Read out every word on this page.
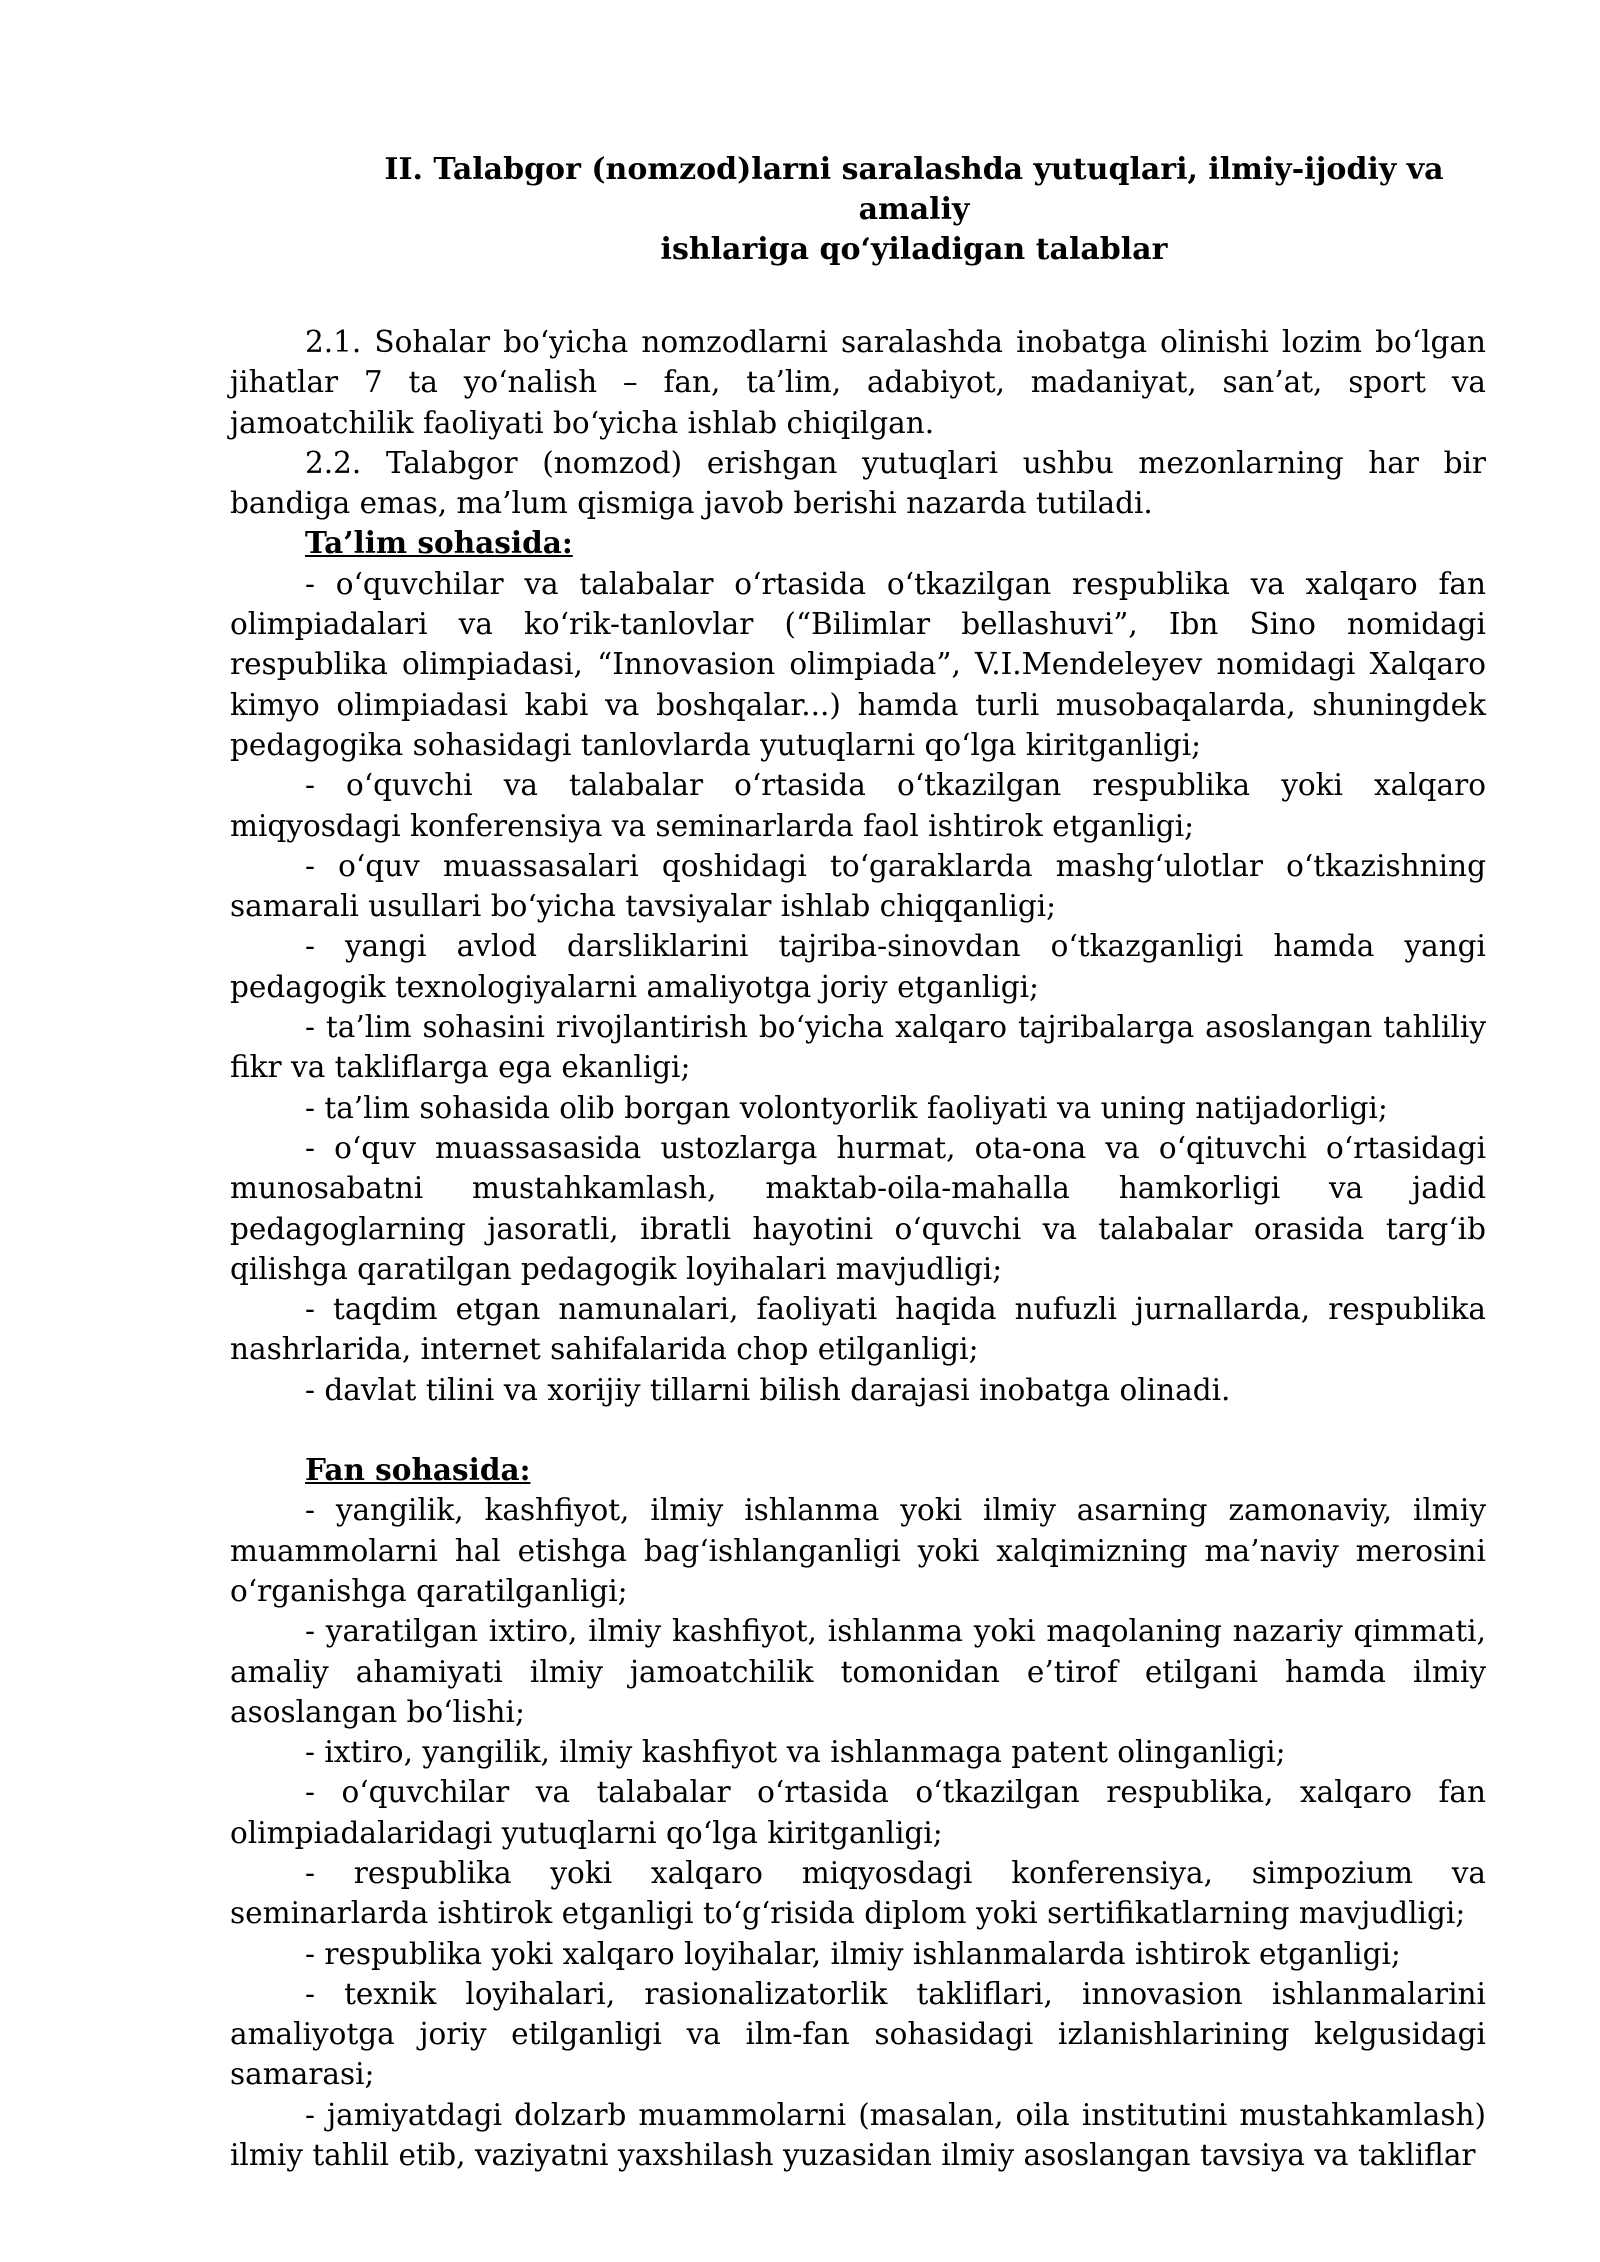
II. Talabgor (nomzod)larni saralashda yutuqlari, ilmiy-ijodiy va amaliy
ishlariga qo‘yiladigan talablar

2.1. Sohalar bo‘yicha nomzodlarni saralashda inobatga olinishi lozim bo‘lgan jihatlar 7 ta yo‘nalish – fan, ta’lim, adabiyot, madaniyat, san’at, sport va jamoatchilik faoliyati bo‘yicha ishlab chiqilgan.

2.2. Talabgor (nomzod) erishgan yutuqlari ushbu mezonlarning har bir bandiga emas, ma’lum qismiga javob berishi nazarda tutiladi.

Ta’lim sohasida:

- o‘quvchilar va talabalar o‘rtasida o‘tkazilgan respublika va xalqaro fan olimpiadalari va ko‘rik-tanlovlar (“Bilimlar bellashuvi”, Ibn Sino nomidagi respublika olimpiadasi, “Innovasion olimpiada”, V.I.Mendeleyev nomidagi Xalqaro kimyo olimpiadasi kabi va boshqalar...) hamda turli musobaqalarda, shuningdek pedagogika sohasidagi tanlovlarda yutuqlarni qo‘lga kiritganligi;

- o‘quvchi va talabalar o‘rtasida o‘tkazilgan respublika yoki xalqaro miqyosdagi konferensiya va seminarlarda faol ishtirok etganligi;

- o‘quv muassasalari qoshidagi to‘garaklarda mashg‘ulotlar o‘tkazishning samarali usullari bo‘yicha tavsiyalar ishlab chiqqanligi;

- yangi avlod darsliklarini tajriba-sinovdan o‘tkazganligi hamda yangi pedagogik texnologiyalarni amaliyotga joriy etganligi;

- ta’lim sohasini rivojlantirish bo‘yicha xalqaro tajribalarga asoslangan tahliliy fikr va takliflarga ega ekanligi;

- ta’lim sohasida olib borgan volontyorlik faoliyati va uning natijadorligi;

- o‘quv muassasasida ustozlarga hurmat, ota-ona va o‘qituvchi o‘rtasidagi munosabatni mustahkamlash, maktab-oila-mahalla hamkorligi va jadid pedagoglarning jasoratli, ibratli hayotini o‘quvchi va talabalar orasida targ‘ib qilishga qaratilgan pedagogik loyihalari mavjudligi;

- taqdim etgan namunalari, faoliyati haqida nufuzli jurnallarda, respublika nashrlarida, internet sahifalarida chop etilganligi;

- davlat tilini va xorijiy tillarni bilish darajasi inobatga olinadi.

Fan sohasida:

- yangilik, kashfiyot, ilmiy ishlanma yoki ilmiy asarning zamonaviy, ilmiy muammolarni hal etishga bag‘ishlanganligi yoki xalqimizning ma’naviy merosini o‘rganishga qaratilganligi;

- yaratilgan ixtiro, ilmiy kashfiyot, ishlanma yoki maqolaning nazariy qimmati, amaliy ahamiyati ilmiy jamoatchilik tomonidan e’tirof etilgani hamda ilmiy asoslangan bo‘lishi;

- ixtiro, yangilik, ilmiy kashfiyot va ishlanmaga patent olinganligi;

- o‘quvchilar va talabalar o‘rtasida o‘tkazilgan respublika, xalqaro fan olimpiadalaridagi yutuqlarni qo‘lga kiritganligi;

- respublika yoki xalqaro miqyosdagi konferensiya, simpozium va seminarlarda ishtirok etganligi to‘g‘risida diplom yoki sertifikatlarning mavjudligi;

- respublika yoki xalqaro loyihalar, ilmiy ishlanmalarda ishtirok etganligi;

- texnik loyihalari, rasionalizatorlik takliflari, innovasion ishlanmalarini amaliyotga joriy etilganligi va ilm-fan sohasidagi izlanishlarining kelgusidagi samarasi;

- jamiyatdagi dolzarb muammolarni (masalan, oila institutini mustahkamlash) ilmiy tahlil etib, vaziyatni yaxshilash yuzasidan ilmiy asoslangan tavsiya va takliflar
